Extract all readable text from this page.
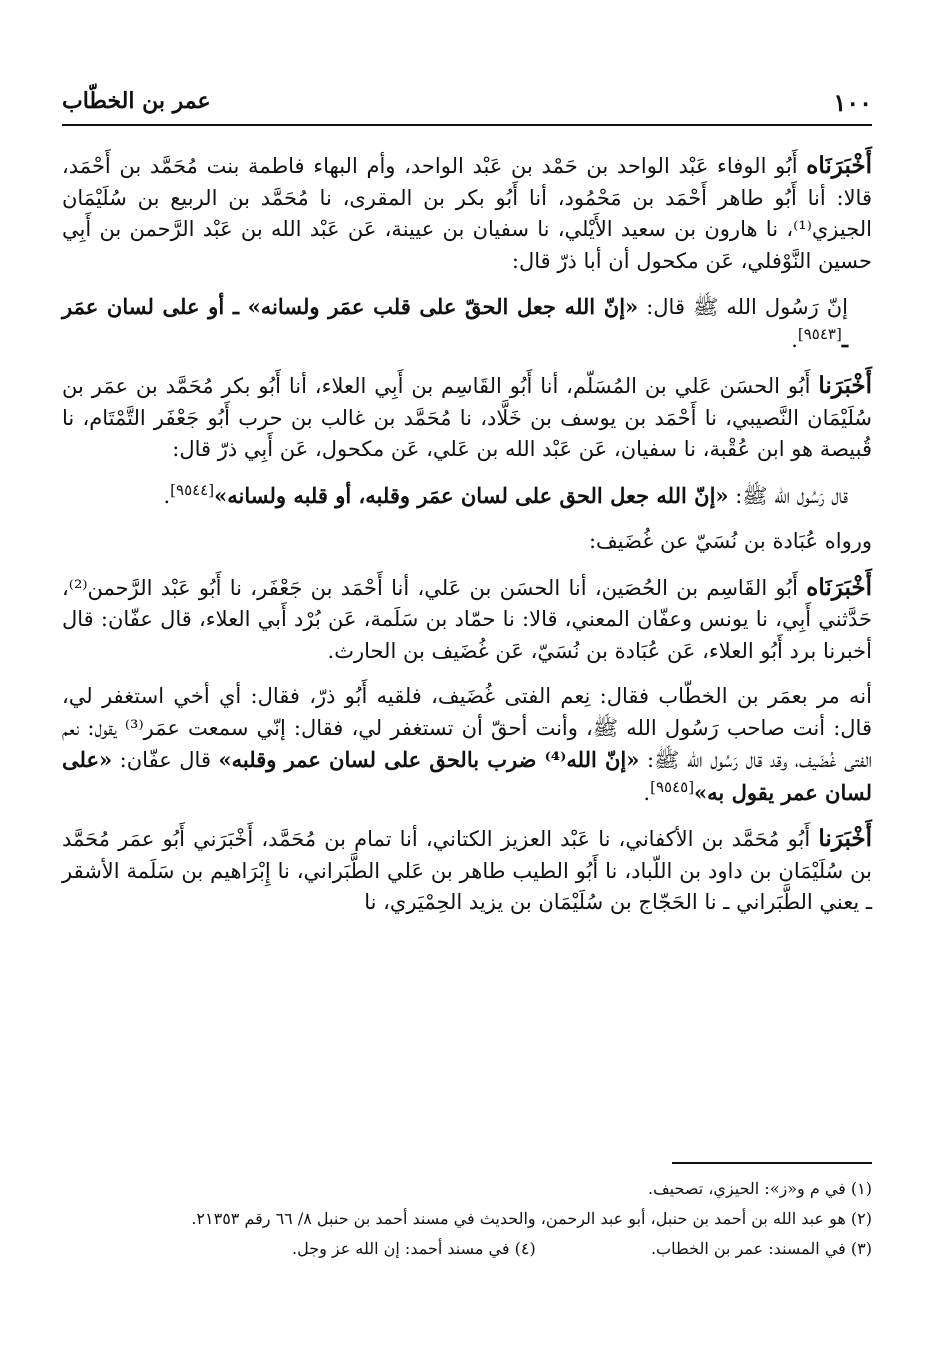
١٠٠
عمر بن الخطّاب

أَخْبَرَنَاه أَبُو الوفاء عَبْد الواحد بن حَمْد بن عَبْد الواحد، وأم البهاء فاطمة بنت مُحَمَّد بن أَحْمَد، قالا: أنا أَبُو طاهر أَحْمَد بن مَحْمُود، أنا أَبُو بكر بن المقرى، نا مُحَمَّد بن الربيع بن سُلَيْمَان الجيزي⁽¹⁾، نا هارون بن سعيد الأَيْلي، نا سفيان بن عيينة، عَن عَبْد الله بن عَبْد الرَّحمن بن أَبِي حسين النَّوْفلي، عَن مكحول أن أبا ذرّ قال:

إنّ رَسُول الله ﷺ قال: «إنّ الله جعل الحقّ على قلب عمَر ولسانه» ـ أو على لسان عمَر ـ[٩٥٤٣].

أَخْبَرَنا أَبُو الحسَن عَلي بن المُسَلّم، أنا أَبُو القَاسِم بن أَبِي العلاء، أنا أَبُو بكر مُحَمَّد بن عمَر بن سُلَيْمَان النَّصيبي، نا أَحْمَد بن يوسف بن خَلَّاد، نا مُحَمَّد بن غالب بن حرب أَبُو جَعْفَر التَّمْتَام، نا قُبيصة هو ابن عُقْبة، نا سفيان، عَن عَبْد الله بن عَلي، عَن مكحول، عَن أَبِي ذرّ قال:

قال رَسُول الله ﷺ: «إنّ الله جعل الحق على لسان عمَر وقلبه، أو قلبه ولسانه»[٩٥٤٤].

ورواه عُبَادة بن نُسَيّ عن غُضَيف:

أَخْبَرَنَاه أَبُو القَاسِم بن الحُصَين، أنا الحسَن بن عَلي، أنا أَحْمَد بن جَعْفَر، نا أَبُو عَبْد الرَّحمن⁽²⁾، حَدَّثني أَبِي، نا يونس وعفّان المعني، قالا: نا حمّاد بن سَلَمة، عَن بُرْد أَبي العلاء، قال عفّان: قال أخبرنا برد أَبُو العلاء، عَن عُبَادة بن نُسَيّ، عَن غُضَيف بن الحارث.

أنه مر بعمَر بن الخطّاب فقال: نِعم الفتى غُضَيف، فلقيه أَبُو ذرّ، فقال: أي أخي استغفر لي، قال: أنت صاحب رَسُول الله ﷺ، وأنت أحقّ أن تستغفر لي، فقال: إنّي سمعت عمَر⁽³⁾ يقول: نعم الفتى غُضَيف، وقد قال رَسُول الله ﷺ: «إنّ الله⁽⁴⁾ ضرب بالحق على لسان عمر وقلبه» قال عفّان: «على لسان عمر يقول به»[٩٥٤٥].

أَخْبَرَنا أَبُو مُحَمَّد بن الأكفاني، نا عَبْد العزيز الكتاني، أنا تمام بن مُحَمَّد، أَخْبَرَني أَبُو عمَر مُحَمَّد بن سُلَيْمَان بن داود بن اللّباد، نا أَبُو الطيب طاهر بن عَلي الطَّبَراني، نا إِبْرَاهيم بن سَلَمة الأشقر ـ يعني الطَّبَراني ـ نا الحَجّاج بن سُلَيْمَان بن يزيد الحِمْيَري، نا

(١) في م و«ز»: الحيزي، تصحيف.

(٢) هو عبد الله بن أحمد بن حنبل، أبو عبد الرحمن، والحديث في مسند أحمد بن حنبل ٨/ ٦٦ رقم ٢١٣٥٣.

(٣) في المسند: عمر بن الخطاب.

(٤) في مسند أحمد: إن الله عز وجل.
